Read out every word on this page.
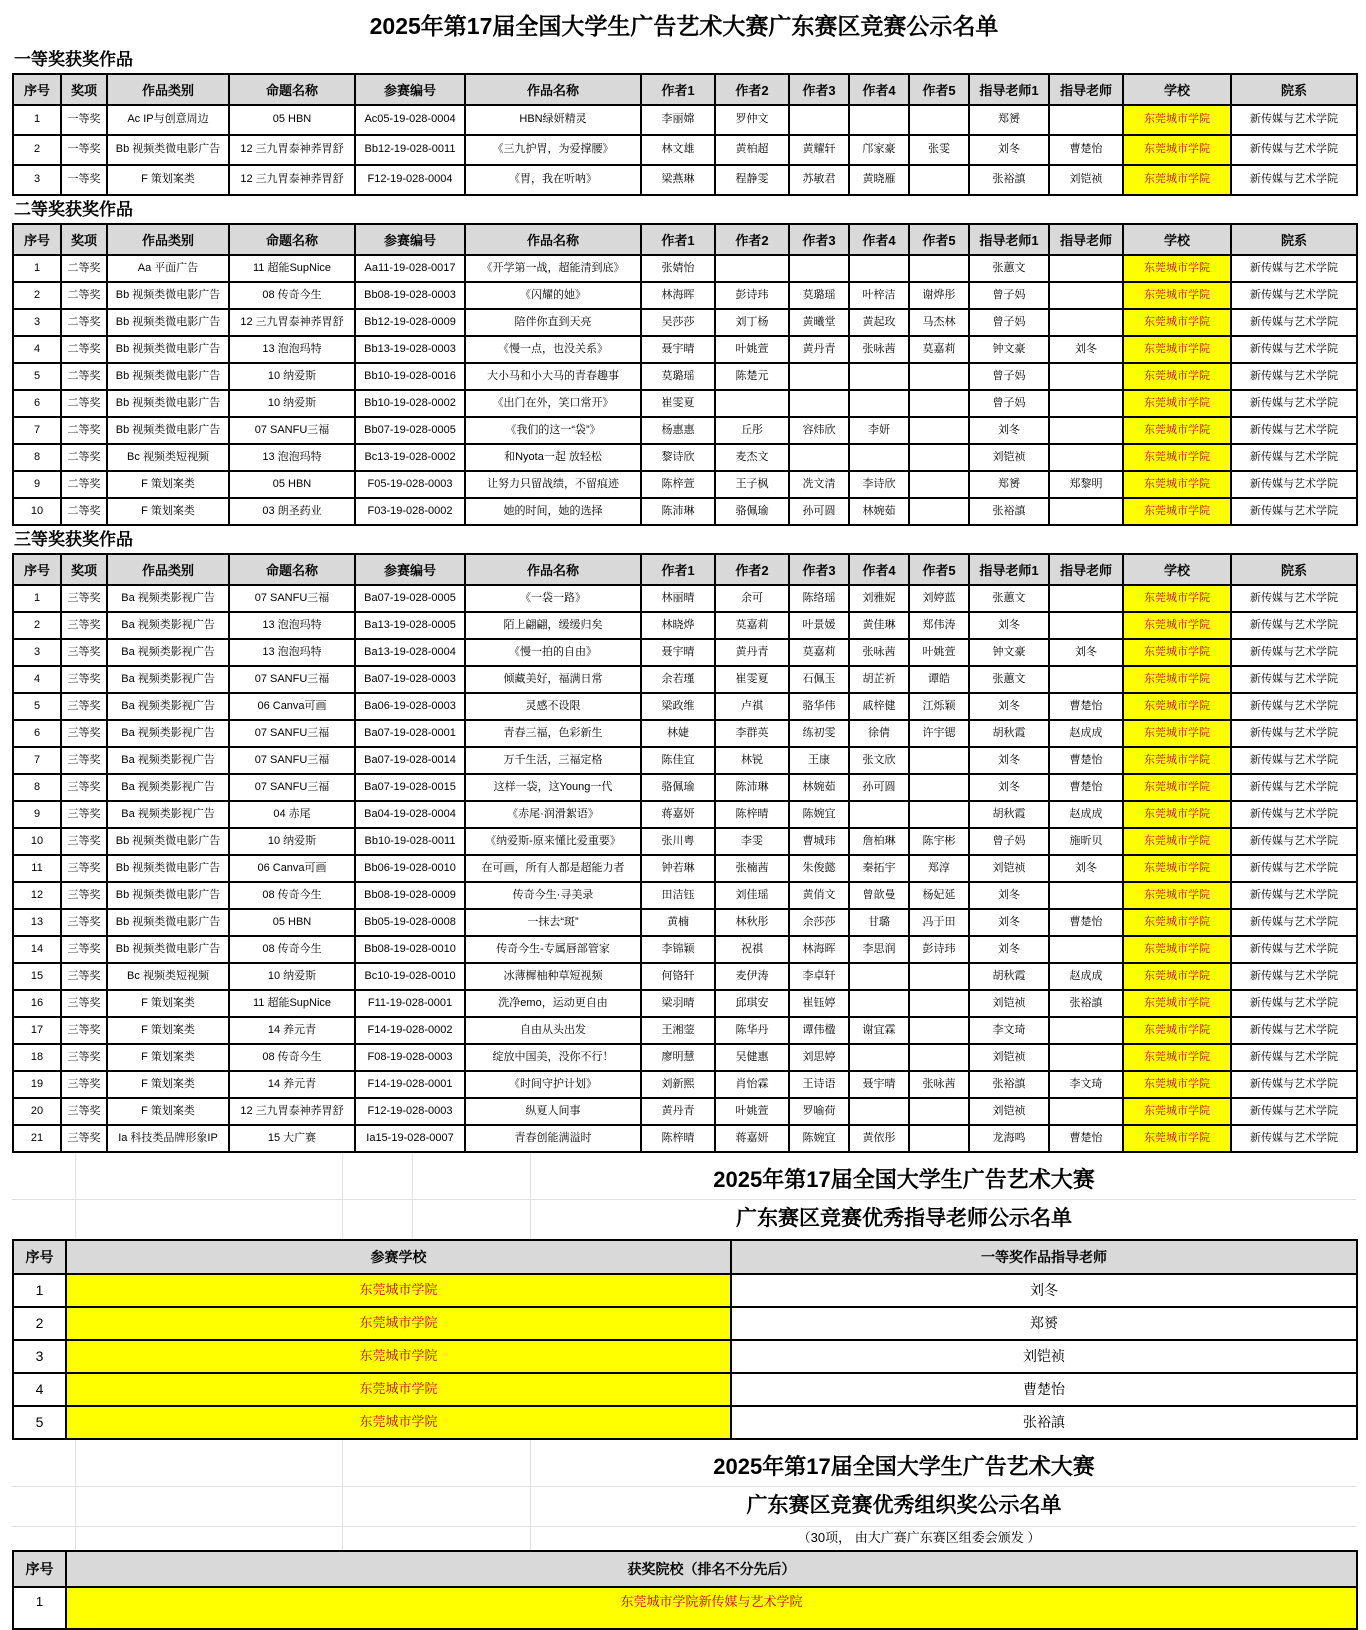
2025年第17届全国大学生广告艺术大赛广东赛区竞赛公示名单
一等奖获奖作品
序号	奖项	作品类别	命题名称	参赛编号	作品名称	作者1	作者2	作者3	作者4	作者5	指导老师1	指导老师	学校	院系
1	一等奖	Ac IP与创意周边	05 HBN	Ac05-19-028-0004	HBN绿妍精灵	李丽嫦	罗仲文				郑赟		东莞城市学院	新传媒与艺术学院
2	一等奖	Bb 视频类微电影广告	12 三九胃泰神荞胃舒	Bb12-19-028-0011	《三九护胃，为爱撑腰》	林文雄	黄柏超	黄耀轩	邝家豪	张雯	刘冬	曹楚怡	东莞城市学院	新传媒与艺术学院
3	一等奖	F 策划案类	12 三九胃泰神荞胃舒	F12-19-028-0004	《胃，我在听呐》	梁燕琳	程静雯	苏敏君	黄晓雁		张裕謓	刘铠祯	东莞城市学院	新传媒与艺术学院
二等奖获奖作品
序号	奖项	作品类别	命题名称	参赛编号	作品名称	作者1	作者2	作者3	作者4	作者5	指导老师1	指导老师	学校	院系
1	二等奖	Aa 平面广告	11 超能SupNice	Aa11-19-028-0017	《开学第一战，超能清到底》	张婧怡					张蕙文		东莞城市学院	新传媒与艺术学院
2	二等奖	Bb 视频类微电影广告	08 传奇今生	Bb08-19-028-0003	《闪耀的她》	林海晖	彭诗玮	莫璐瑶	叶梓洁	谢烨彤	曾子妈		东莞城市学院	新传媒与艺术学院
3	二等奖	Bb 视频类微电影广告	12 三九胃泰神荞胃舒	Bb12-19-028-0009	陪伴你直到天亮	吴莎莎	刘丁杨	黄曦堂	黄起玫	马杰林	曾子妈		东莞城市学院	新传媒与艺术学院
4	二等奖	Bb 视频类微电影广告	13 泡泡玛特	Bb13-19-028-0003	《慢一点，也没关系》	聂宇晴	叶姚萱	黄丹青	张咏茜	莫嘉莉	钟文豪	刘冬	东莞城市学院	新传媒与艺术学院
5	二等奖	Bb 视频类微电影广告	10 纳爱斯	Bb10-19-028-0016	大小马和小大马的青春趣事	莫璐瑶	陈楚元				曾子妈		东莞城市学院	新传媒与艺术学院
6	二等奖	Bb 视频类微电影广告	10 纳爱斯	Bb10-19-028-0002	《出门在外，笑口常开》	崔雯夏					曾子妈		东莞城市学院	新传媒与艺术学院
7	二等奖	Bb 视频类微电影广告	07 SANFU三福	Bb07-19-028-0005	《我们的这一“袋”》	杨惠惠	丘彤	容炜欣	李妍		刘冬		东莞城市学院	新传媒与艺术学院
8	二等奖	Bc 视频类短视频	13 泡泡玛特	Bc13-19-028-0002	和Nyota一起 放轻松	黎诗欣	麦杰文				刘铠祯		东莞城市学院	新传媒与艺术学院
9	二等奖	F 策划案类	05 HBN	F05-19-028-0003	让努力只留战绩，不留痕迹	陈梓萱	王子枫	冼文清	李诗欣		郑赟	郑黎明	东莞城市学院	新传媒与艺术学院
10	二等奖	F 策划案类	03 朗圣药业	F03-19-028-0002	她的时间，她的选择	陈沛琳	骆佩瑜	孙可圆	林婉茹		张裕謓		东莞城市学院	新传媒与艺术学院
三等奖获奖作品
序号	奖项	作品类别	命题名称	参赛编号	作品名称	作者1	作者2	作者3	作者4	作者5	指导老师1	指导老师	学校	院系
1	三等奖	Ba 视频类影视广告	07 SANFU三福	Ba07-19-028-0005	《一袋一路》	林丽晴	余可	陈络瑶	刘雅妮	刘婷蓝	张蕙文		东莞城市学院	新传媒与艺术学院
2	三等奖	Ba 视频类影视广告	13 泡泡玛特	Ba13-19-028-0005	陌上翩翩，缓缓归矣	林晓烨	莫嘉莉	叶景媛	黄佳琳	郑伟涛	刘冬		东莞城市学院	新传媒与艺术学院
3	三等奖	Ba 视频类影视广告	13 泡泡玛特	Ba13-19-028-0004	《慢一拍的自由》	聂宇晴	黄丹青	莫嘉莉	张咏茜	叶姚萱	钟文豪	刘冬	东莞城市学院	新传媒与艺术学院
4	三等奖	Ba 视频类影视广告	07 SANFU三福	Ba07-19-028-0003	倾藏美好，福满日常	余若瑾	崔雯夏	石佩玉	胡芷祈	谭皓	张蕙文		东莞城市学院	新传媒与艺术学院
5	三等奖	Ba 视频类影视广告	06 Canva可画	Ba06-19-028-0003	灵感不设限	梁政维	卢祺	骆华伟	戚梓健	江烁颖	刘冬	曹楚怡	东莞城市学院	新传媒与艺术学院
6	三等奖	Ba 视频类影视广告	07 SANFU三福	Ba07-19-028-0001	青春三福，色彩新生	林婕	李群英	练初雯	徐倩	许宇锶	胡秋霞	赵成成	东莞城市学院	新传媒与艺术学院
7	三等奖	Ba 视频类影视广告	07 SANFU三福	Ba07-19-028-0014	万千生活，三福定格	陈佳宜	林锐	王康	张文欣		刘冬	曹楚怡	东莞城市学院	新传媒与艺术学院
8	三等奖	Ba 视频类影视广告	07 SANFU三福	Ba07-19-028-0015	这样一袋，这Young一代	骆佩瑜	陈沛琳	林婉茹	孙可圆		刘冬	曹楚怡	东莞城市学院	新传媒与艺术学院
9	三等奖	Ba 视频类影视广告	04 赤尾	Ba04-19-028-0004	《赤尾·润滑絮语》	蒋嘉妍	陈梓晴	陈婉宜			胡秋霞	赵成成	东莞城市学院	新传媒与艺术学院
10	三等奖	Bb 视频类微电影广告	10 纳爱斯	Bb10-19-028-0011	《纳爱斯-原来懂比爱重要》	张川粤	李雯	曹城玮	詹柏琳	陈宇彬	曾子妈	施昕贝	东莞城市学院	新传媒与艺术学院
11	三等奖	Bb 视频类微电影广告	06 Canva可画	Bb06-19-028-0010	在可画，所有人都是超能力者	钟若琳	张楠茜	朱俊懿	秦拓宇	郑淳	刘铠祯	刘冬	东莞城市学院	新传媒与艺术学院
12	三等奖	Bb 视频类微电影广告	08 传奇今生	Bb08-19-028-0009	传奇今生·寻美录	田洁钰	刘佳瑶	黄俏文	曾歆曼	杨妃延	刘冬		东莞城市学院	新传媒与艺术学院
13	三等奖	Bb 视频类微电影广告	05 HBN	Bb05-19-028-0008	一抹去“斑”	黄楠	林秋彤	余莎莎	甘璐	冯于田	刘冬	曹楚怡	东莞城市学院	新传媒与艺术学院
14	三等奖	Bb 视频类微电影广告	08 传奇今生	Bb08-19-028-0010	传奇今生-专属唇部管家	李锦颖	祝祺	林海晖	李思润	彭诗玮	刘冬		东莞城市学院	新传媒与艺术学院
15	三等奖	Bc 视频类短视频	10 纳爱斯	Bc10-19-028-0010	冰薄樨柚种草短视频	何铬轩	麦伊涛	李卓轩			胡秋霞	赵成成	东莞城市学院	新传媒与艺术学院
16	三等奖	F 策划案类	11 超能SupNice	F11-19-028-0001	洗净emo，运动更自由	梁羽晴	邱琪安	崔钰婷			刘铠祯	张裕謓	东莞城市学院	新传媒与艺术学院
17	三等奖	F 策划案类	14 养元青	F14-19-028-0002	自由从头出发	王湘蓥	陈华丹	谭伟楹	谢宜霖		李文琦		东莞城市学院	新传媒与艺术学院
18	三等奖	F 策划案类	08 传奇今生	F08-19-028-0003	绽放中国美，没你不行！	廖明慧	吴健惠	刘思婷			刘铠祯		东莞城市学院	新传媒与艺术学院
19	三等奖	F 策划案类	14 养元青	F14-19-028-0001	《时间守护计划》	刘新熙	肖怡霖	王诗语	聂宇晴	张咏茜	张裕謓	李文琦	东莞城市学院	新传媒与艺术学院
20	三等奖	F 策划案类	12 三九胃泰神荞胃舒	F12-19-028-0003	纵夏人间事	黄丹青	叶姚萱	罗喻荷			刘铠祯		东莞城市学院	新传媒与艺术学院
21	三等奖	Ia 科技类品牌形象IP	15 大广赛	Ia15-19-028-0007	青春创能满溢时	陈梓晴	蒋嘉妍	陈婉宜	黄依彤		龙海鸣	曹楚怡	东莞城市学院	新传媒与艺术学院
2025年第17届全国大学生广告艺术大赛
广东赛区竞赛优秀指导老师公示名单
序号	参赛学校	一等奖作品指导老师
1	东莞城市学院	刘冬
2	东莞城市学院	郑赟
3	东莞城市学院	刘铠祯
4	东莞城市学院	曹楚怡
5	东莞城市学院	张裕謓
2025年第17届全国大学生广告艺术大赛
广东赛区竞赛优秀组织奖公示名单
（30项， 由大广赛广东赛区组委会颁发 ）
序号	获奖院校（排名不分先后）
1	东莞城市学院新传媒与艺术学院
